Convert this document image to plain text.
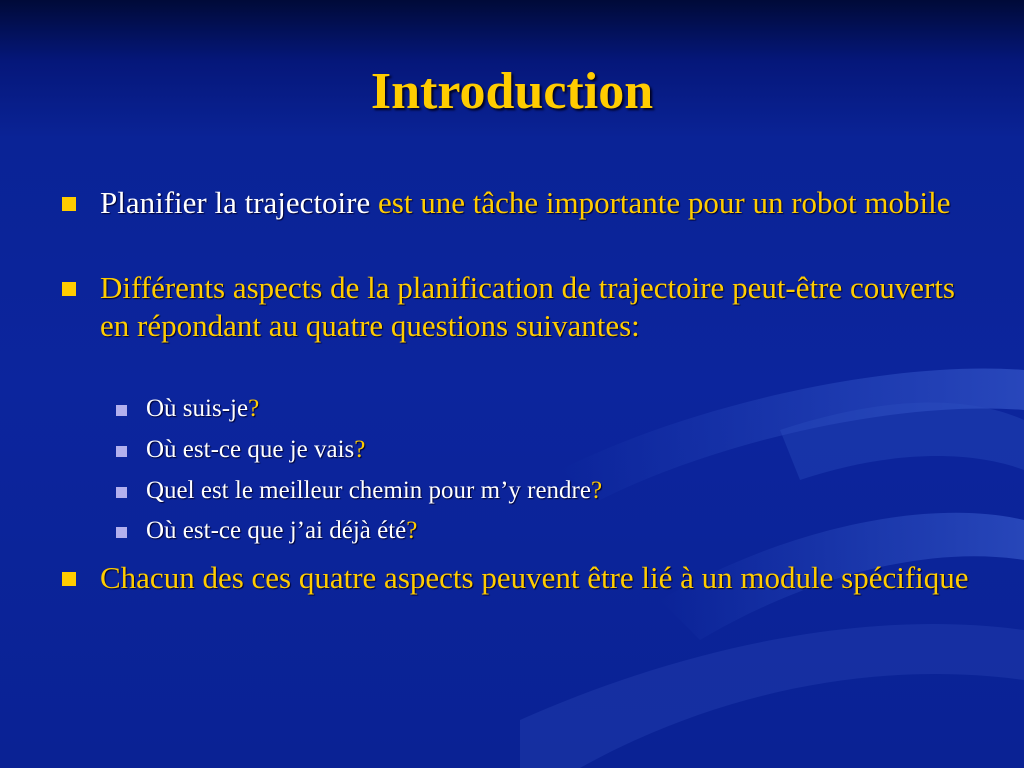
Introduction
Planifier la trajectoire est une tâche importante pour un robot mobile
Différents aspects de la planification de trajectoire peut-être couverts en répondant au quatre questions suivantes:
Où suis-je?
Où est-ce que je vais?
Quel est le meilleur chemin pour m’y rendre?
Où est-ce que j’ai déjà été?
Chacun des ces quatre aspects peuvent être lié à un module spécifique
